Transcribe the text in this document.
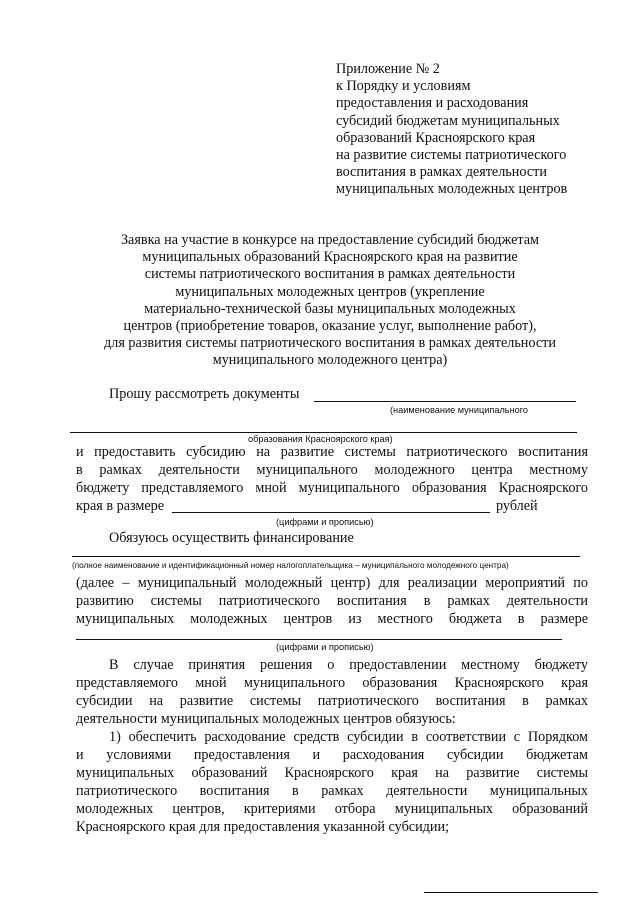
Приложение № 2
к Порядку и условиям
предоставления и расходования
субсидий бюджетам муниципальных
образований Красноярского края
на развитие системы патриотического
воспитания в рамках деятельности
муниципальных молодежных центров
Заявка на участие в конкурсе на предоставление субсидий бюджетам
муниципальных образований Красноярского края на развитие
системы патриотического воспитания в рамках деятельности
муниципальных молодежных центров (укрепление
материально-технической базы муниципальных молодежных
центров (приобретение товаров, оказание услуг, выполнение работ),
для развития системы патриотического воспитания в рамках деятельности
муниципального молодежного центра)
Прошу рассмотреть документы
(наименование муниципального
образования Красноярского края)
и предоставить субсидию на развитие системы патриотического воспитания
в рамках деятельности муниципального молодежного центра местному
бюджету представляемого мной муниципального образования Красноярского
края в размере	рублей
(цифрами и прописью)
Обязуюсь осуществить финансирование
(полное наименование и идентификационный номер налогоплательщика – муниципального молодежного центра)
(далее – муниципальный молодежный центр) для реализации мероприятий по
развитию системы патриотического воспитания в рамках деятельности
муниципальных молодежных центров из местного бюджета в размере
(цифрами и прописью)
В случае принятия решения о предоставлении местному бюджету
представляемого мной муниципального образования Красноярского края
субсидии на развитие системы патриотического воспитания в рамках
деятельности муниципальных молодежных центров обязуюсь:
1) обеспечить расходование средств субсидии в соответствии с Порядком
и условиями предоставления и расходования субсидии бюджетам
муниципальных образований Красноярского края на развитие системы
патриотического воспитания в рамках деятельности муниципальных
молодежных центров, критериями отбора муниципальных образований
Красноярского края для предоставления указанной субсидии;
